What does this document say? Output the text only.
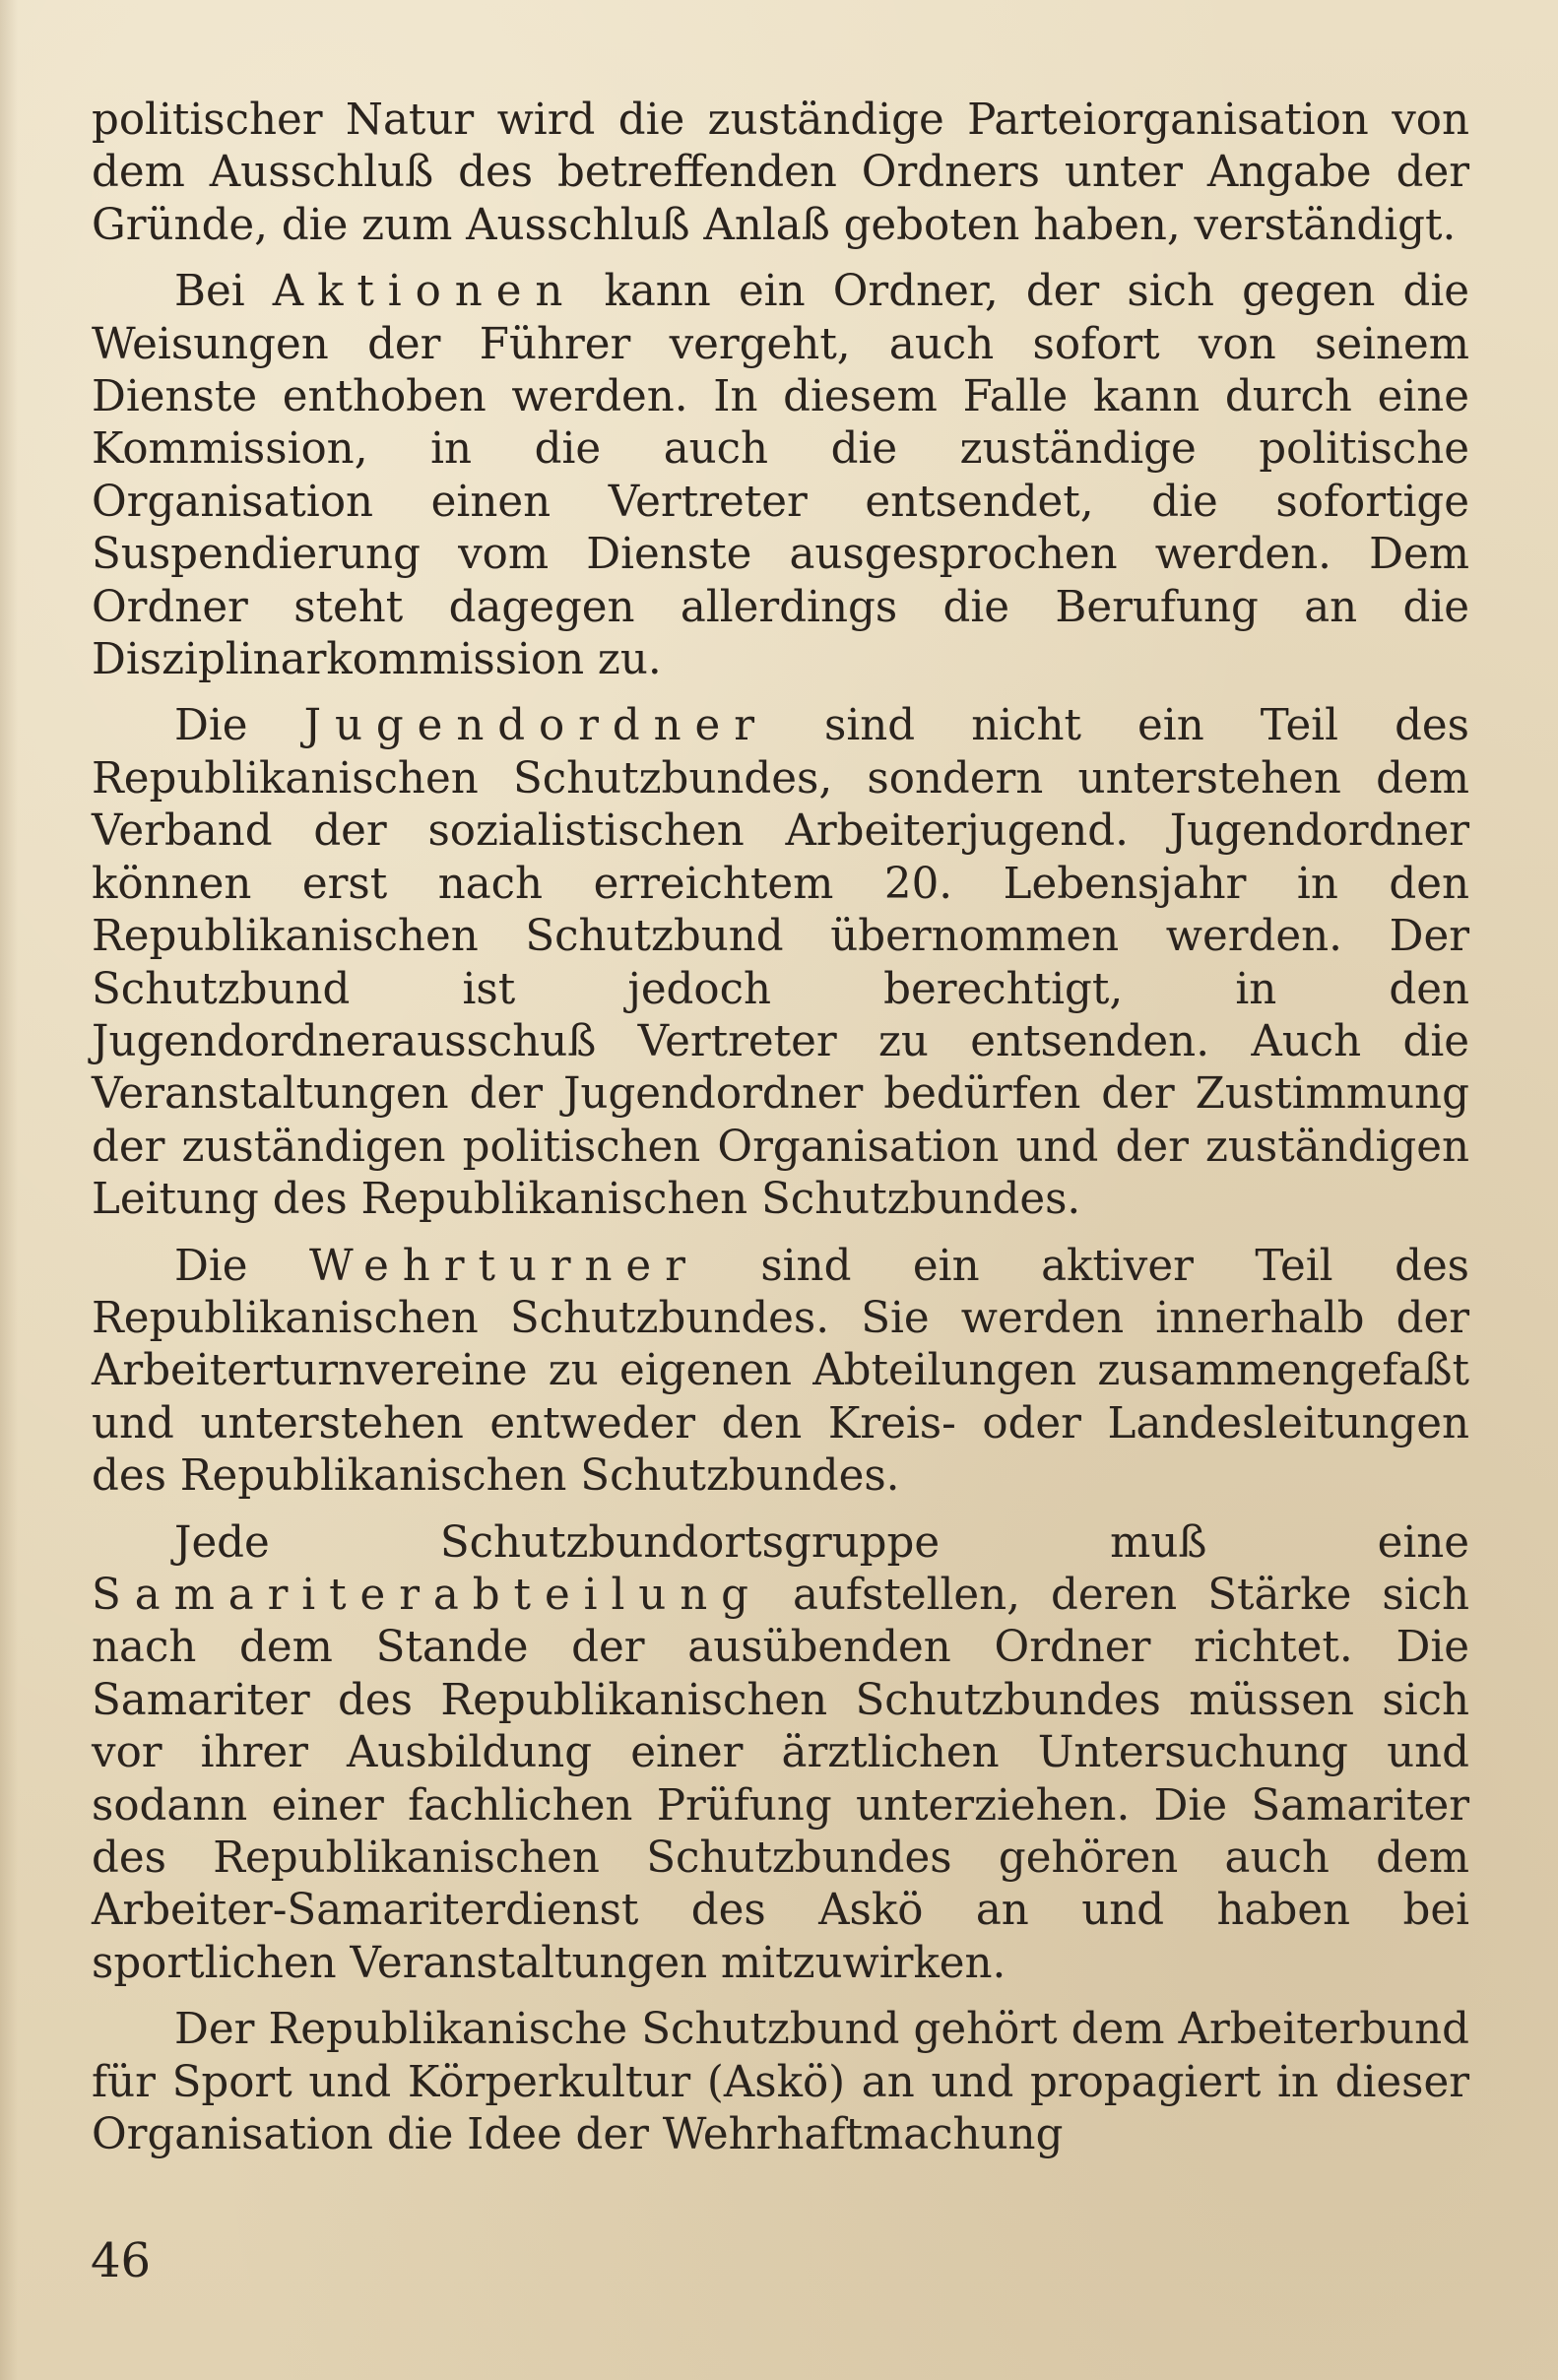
politischer Natur wird die zuständige Parteiorganisation von dem Ausschluß des betreffenden Ordners unter Angabe der Gründe, die zum Ausschluß Anlaß geboten haben, verständigt.

Bei Aktionen kann ein Ordner, der sich gegen die Weisungen der Führer vergeht, auch sofort von seinem Dienste enthoben werden. In diesem Falle kann durch eine Kommission, in die auch die zuständige politische Organisation einen Vertreter entsendet, die sofortige Suspendierung vom Dienste ausgesprochen werden. Dem Ordner steht dagegen allerdings die Berufung an die Disziplinarkommission zu.

Die Jugendordner sind nicht ein Teil des Republikanischen Schutzbundes, sondern unterstehen dem Verband der sozialistischen Arbeiterjugend. Jugendordner können erst nach erreichtem 20. Lebensjahr in den Republikanischen Schutzbund übernommen werden. Der Schutzbund ist jedoch berechtigt, in den Jugendordnerausschuß Vertreter zu entsenden. Auch die Veranstaltungen der Jugendordner bedürfen der Zustimmung der zuständigen politischen Organisation und der zuständigen Leitung des Republikanischen Schutzbundes.

Die Wehrturner sind ein aktiver Teil des Republikanischen Schutzbundes. Sie werden innerhalb der Arbeiterturnvereine zu eigenen Abteilungen zusammengefaßt und unterstehen entweder den Kreis- oder Landesleitungen des Republikanischen Schutzbundes.

Jede Schutzbundortsgruppe muß eine Samariterabteilung aufstellen, deren Stärke sich nach dem Stande der ausübenden Ordner richtet. Die Samariter des Republikanischen Schutzbundes müssen sich vor ihrer Ausbildung einer ärztlichen Untersuchung und sodann einer fachlichen Prüfung unterziehen. Die Samariter des Republikanischen Schutzbundes gehören auch dem Arbeiter-Samariterdienst des Askö an und haben bei sportlichen Veranstaltungen mitzuwirken.

Der Republikanische Schutzbund gehört dem Arbeiterbund für Sport und Körperkultur (Askö) an und propagiert in dieser Organisation die Idee der Wehrhaftmachung

46
